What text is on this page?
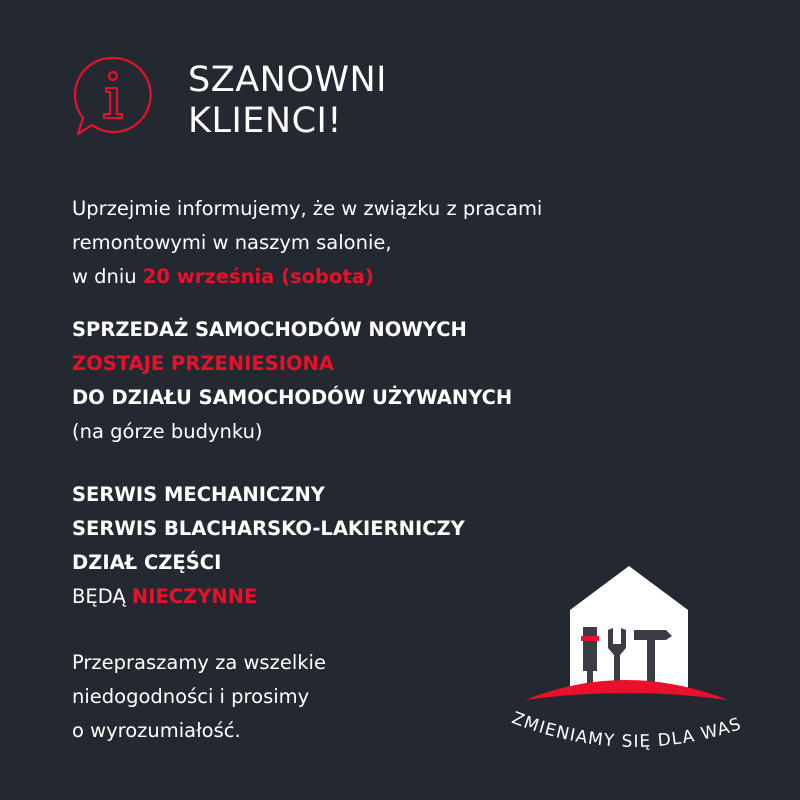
SZANOWNI
KLIENCI!
Uprzejmie informujemy, że w związku z pracami
remontowymi w naszym salonie,
w dniu 20 września (sobota)
SPRZEDAŻ SAMOCHODÓW NOWYCH
ZOSTAJE PRZENIESIONA
DO DZIAŁU SAMOCHODÓW UŻYWANYCH
(na górze budynku)
SERWIS MECHANICZNY
SERWIS BLACHARSKO-LAKIERNICZY
DZIAŁ CZĘŚCI
BĘDĄ NIECZYNNE
Przepraszamy za wszelkie
niedogodności i prosimy
o wyrozumiałość.	ZMIENIAMY SIĘ DLA WAS
